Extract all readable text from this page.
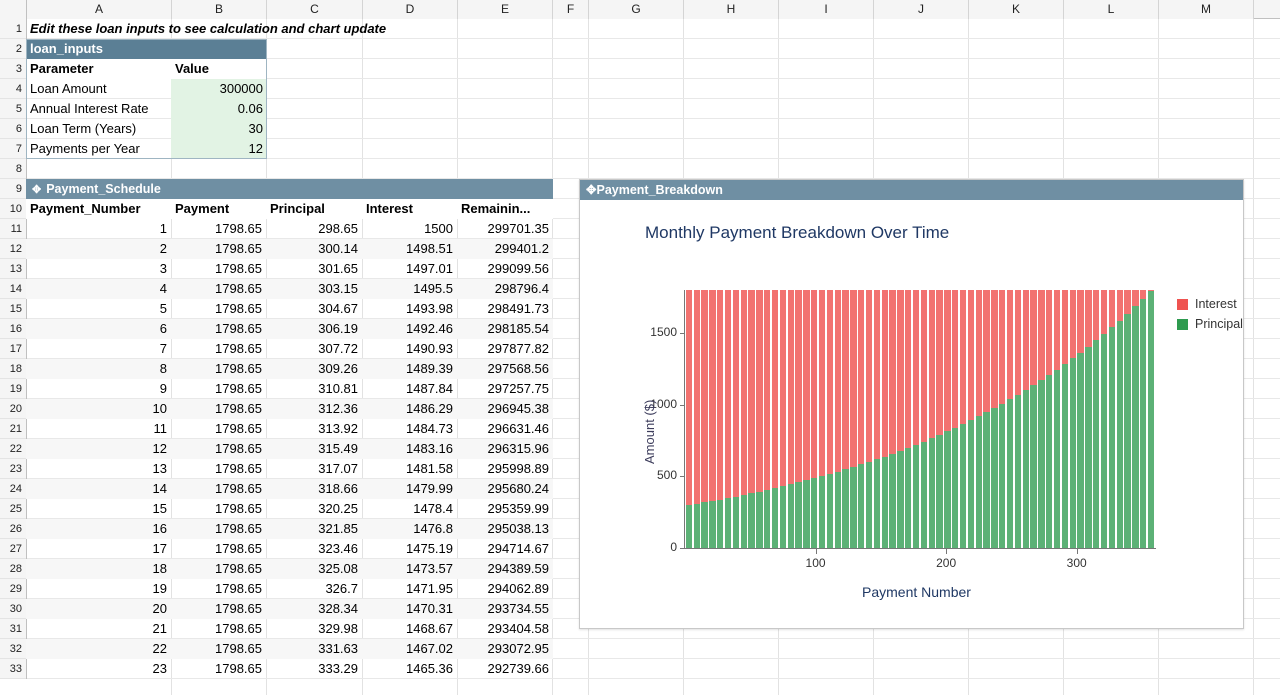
A	B	C	D	E	F	G	H	I	J	K	L	M
1
2
3
4
5
6
7
8
9
10
11
12
13
14
15
16
17
18
19
20
21
22
23
24
25
26
27
28
29
30
31
32
33
Edit these loan inputs to see calculation and chart update
loan_inputs
Parameter	Value
Loan Amount	300000
Annual Interest Rate	0.06
Loan Term (Years)	30
Payments per Year	12
✥ Payment_Schedule
Payment_Number	Payment	Principal	Interest	Remainin...
1	1798.65	298.65	1500	299701.35
2	1798.65	300.14	1498.51	299401.2
3	1798.65	301.65	1497.01	299099.56
4	1798.65	303.15	1495.5	298796.4
5	1798.65	304.67	1493.98	298491.73
6	1798.65	306.19	1492.46	298185.54
7	1798.65	307.72	1490.93	297877.82
8	1798.65	309.26	1489.39	297568.56
9	1798.65	310.81	1487.84	297257.75
10	1798.65	312.36	1486.29	296945.38
11	1798.65	313.92	1484.73	296631.46
12	1798.65	315.49	1483.16	296315.96
13	1798.65	317.07	1481.58	295998.89
14	1798.65	318.66	1479.99	295680.24
15	1798.65	320.25	1478.4	295359.99
16	1798.65	321.85	1476.8	295038.13
17	1798.65	323.46	1475.19	294714.67
18	1798.65	325.08	1473.57	294389.59
19	1798.65	326.7	1471.95	294062.89
20	1798.65	328.34	1470.31	293734.55
21	1798.65	329.98	1468.67	293404.58
22	1798.65	331.63	1467.02	293072.95
23	1798.65	333.29	1465.36	292739.66
✥Payment_Breakdown
Monthly Payment Breakdown Over Time
0
500
1000
1500
100	200	300
Amount ($)
Payment Number
Interest
Principal
